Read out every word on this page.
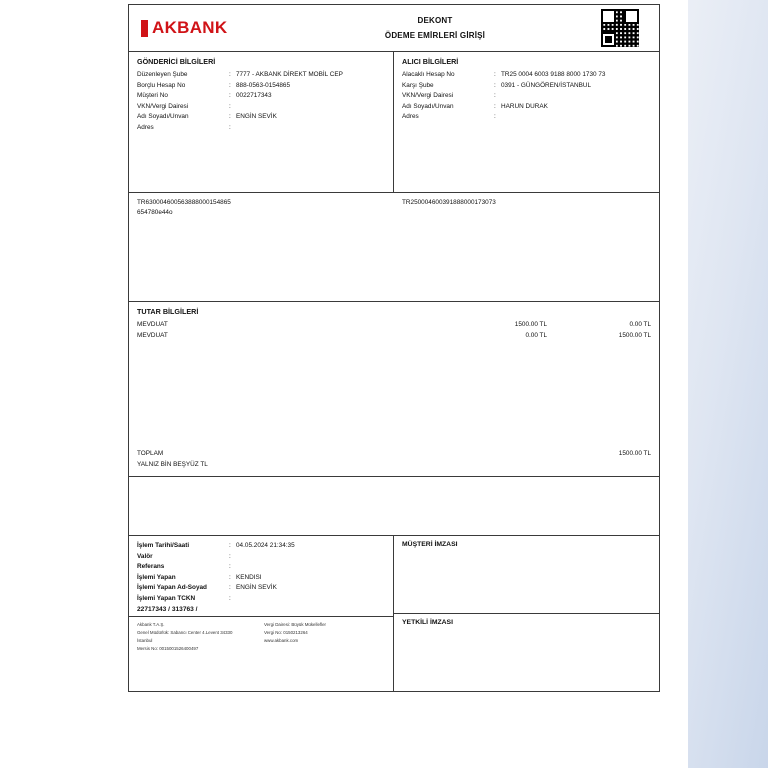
AKBANK	DEKONT
ÖDEME EMİRLERİ GİRİŞİ
GÖNDERİCİ BİLGİLERİ
Düzenleyen Şube	: 7777 - AKBANK DİREKT MOBİL CEP
Borçlu Hesap No	: 888-0563-0154865
Müşteri No	: 0022717343
VKN/Vergi Dairesi	:
Adı Soyadı/Unvan	: ENGİN SEVİK
Adres	:
ALICI BİLGİLERİ
Alacaklı Hesap No	: TR25 0004 6003 9188 8000 1730 73
Karşı Şube	: 0391 - GÜNGÖREN/İSTANBUL
VKN/Vergi Dairesi	:
Adı Soyadı/Unvan	: HARUN DURAK
Adres	:
TR630004600563888000154865
654780e44o
TR250004600391888000173073
TUTAR BİLGİLERİ
MEVDUAT	1500.00 TL	0.00 TL
MEVDUAT	0.00 TL	1500.00 TL
TOPLAM	1500.00 TL
YALNIZ BİN BEŞYÜZ TL
İşlem Tarihi/Saati	: 04.05.2024 21:34:35
Valör	:
Referans	:
İşlemi Yapan	: KENDISI
İşlemi Yapan Ad-Soyad	: ENGİN SEVİK
İşlemi Yapan TCKN	:
22717343 / 313763 /
Akbank T.A.Ş.
Genel Müdürlük: Sabancı Center 4.Levent 34330
İstanbul
Mersis No: 0015001526400497
Vergi Dairesi: Büyük Mükellefler
Vergi No: 0150213264
www.akbank.com
MÜŞTERİ İMZASI
YETKİLİ İMZASI
